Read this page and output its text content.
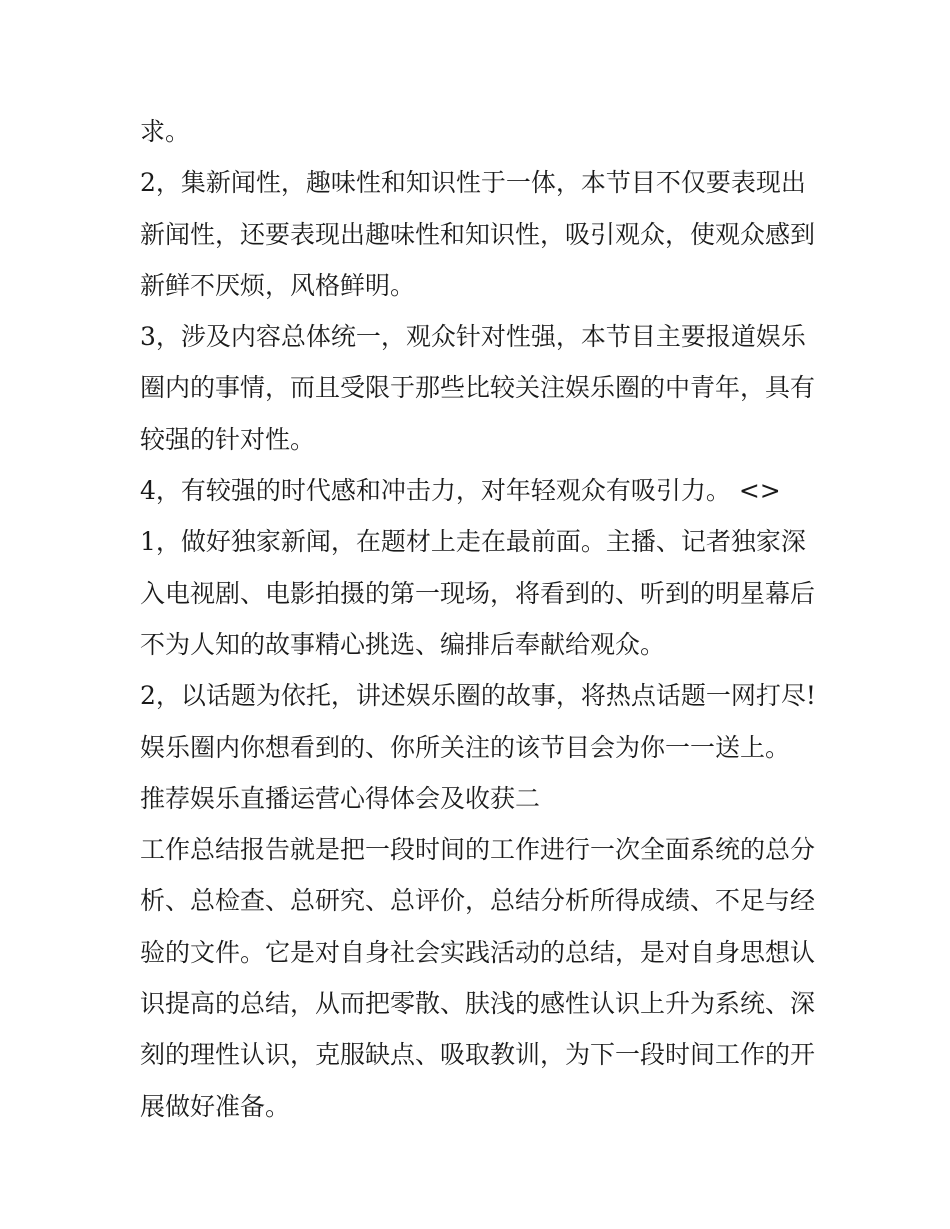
求。
2，集新闻性，趣味性和知识性于一体，本节目不仅要表现出
新闻性，还要表现出趣味性和知识性，吸引观众，使观众感到
新鲜不厌烦，风格鲜明。
3，涉及内容总体统一，观众针对性强，本节目主要报道娱乐
圈内的事情，而且受限于那些比较关注娱乐圈的中青年，具有
较强的针对性。
4，有较强的时代感和冲击力，对年轻观众有吸引力。 <>
1，做好独家新闻，在题材上走在最前面。主播、记者独家深
入电视剧、电影拍摄的第一现场，将看到的、听到的明星幕后
不为人知的故事精心挑选、编排后奉献给观众。
2，以话题为依托，讲述娱乐圈的故事，将热点话题一网打尽!
娱乐圈内你想看到的、你所关注的该节目会为你一一送上。
推荐娱乐直播运营心得体会及收获二
工作总结报告就是把一段时间的工作进行一次全面系统的总分
析、总检查、总研究、总评价，总结分析所得成绩、不足与经
验的文件。它是对自身社会实践活动的总结，是对自身思想认
识提高的总结，从而把零散、肤浅的感性认识上升为系统、深
刻的理性认识，克服缺点、吸取教训，为下一段时间工作的开
展做好准备。
